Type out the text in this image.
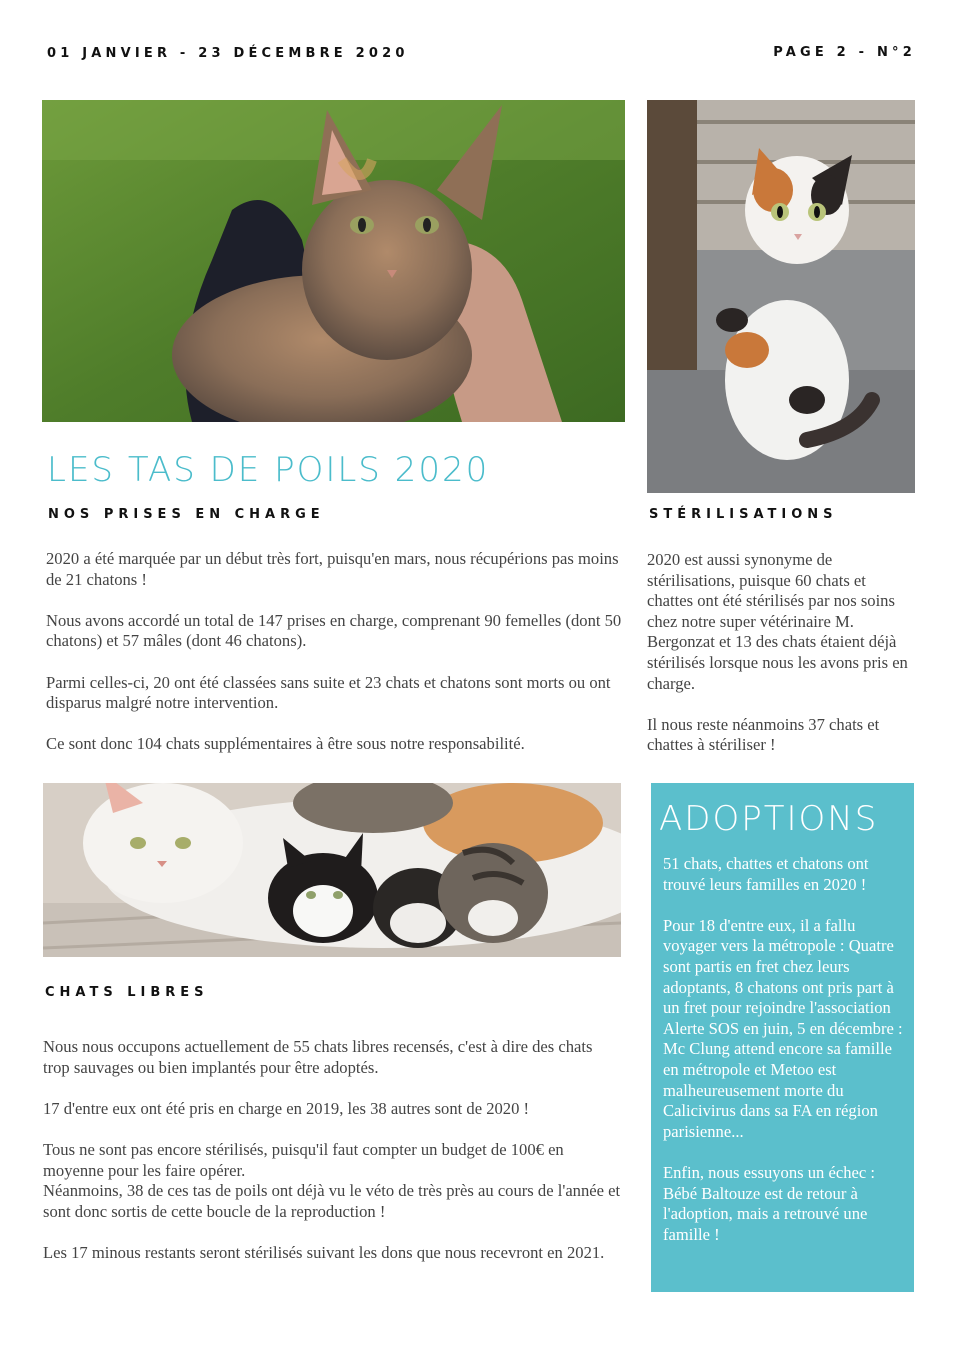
01 JANVIER - 23 DÉCEMBRE 2020	PAGE 2 - N°2
LES TAS DE POILS 2020
NOS PRISES EN CHARGE

2020 a été marquée par un début très fort, puisqu'en mars, nous récupérions pas moins de 21 chatons !

Nous avons accordé un total de 147 prises en charge, comprenant 90 femelles (dont 50 chatons) et 57 mâles (dont 46 chatons).

Parmi celles-ci, 20 ont été classées sans suite et 23 chats et chatons sont morts ou ont disparus malgré notre intervention.

Ce sont donc 104 chats supplémentaires à être sous notre responsabilité.

STÉRILISATIONS

2020 est aussi synonyme de stérilisations, puisque 60 chats et chattes ont été stérilisés par nos soins chez notre super vétérinaire M. Bergonzat et 13 des chats étaient déjà stérilisés lorsque nous les avons pris en charge.

Il nous reste néanmoins 37 chats et chattes à stériliser !

CHATS LIBRES

Nous nous occupons actuellement de 55 chats libres recensés, c'est à dire des chats trop sauvages ou bien implantés pour être adoptés.

17 d'entre eux ont été pris en charge en 2019, les 38 autres sont de 2020 !

Tous ne sont pas encore stérilisés, puisqu'il faut compter un budget de 100€ en moyenne pour les faire opérer.

Néanmoins, 38 de ces tas de poils ont déjà vu le véto de très près au cours de l'année et sont donc sortis de cette boucle de la reproduction !

Les 17 minous restants seront stérilisés suivant les dons que nous recevront en 2021.

ADOPTIONS

51 chats, chattes et chatons ont trouvé leurs familles en 2020 !

Pour 18 d'entre eux, il a fallu voyager vers la métropole : Quatre sont partis en fret chez leurs adoptants, 8 chatons ont pris part à un fret pour rejoindre l'association Alerte SOS en juin, 5 en décembre : Mc Clung attend encore sa famille en métropole et Metoo est malheureusement morte du Calicivirus dans sa FA en région parisienne...

Enfin, nous essuyons un échec : Bébé Baltouze est de retour à l'adoption, mais a retrouvé une famille !
